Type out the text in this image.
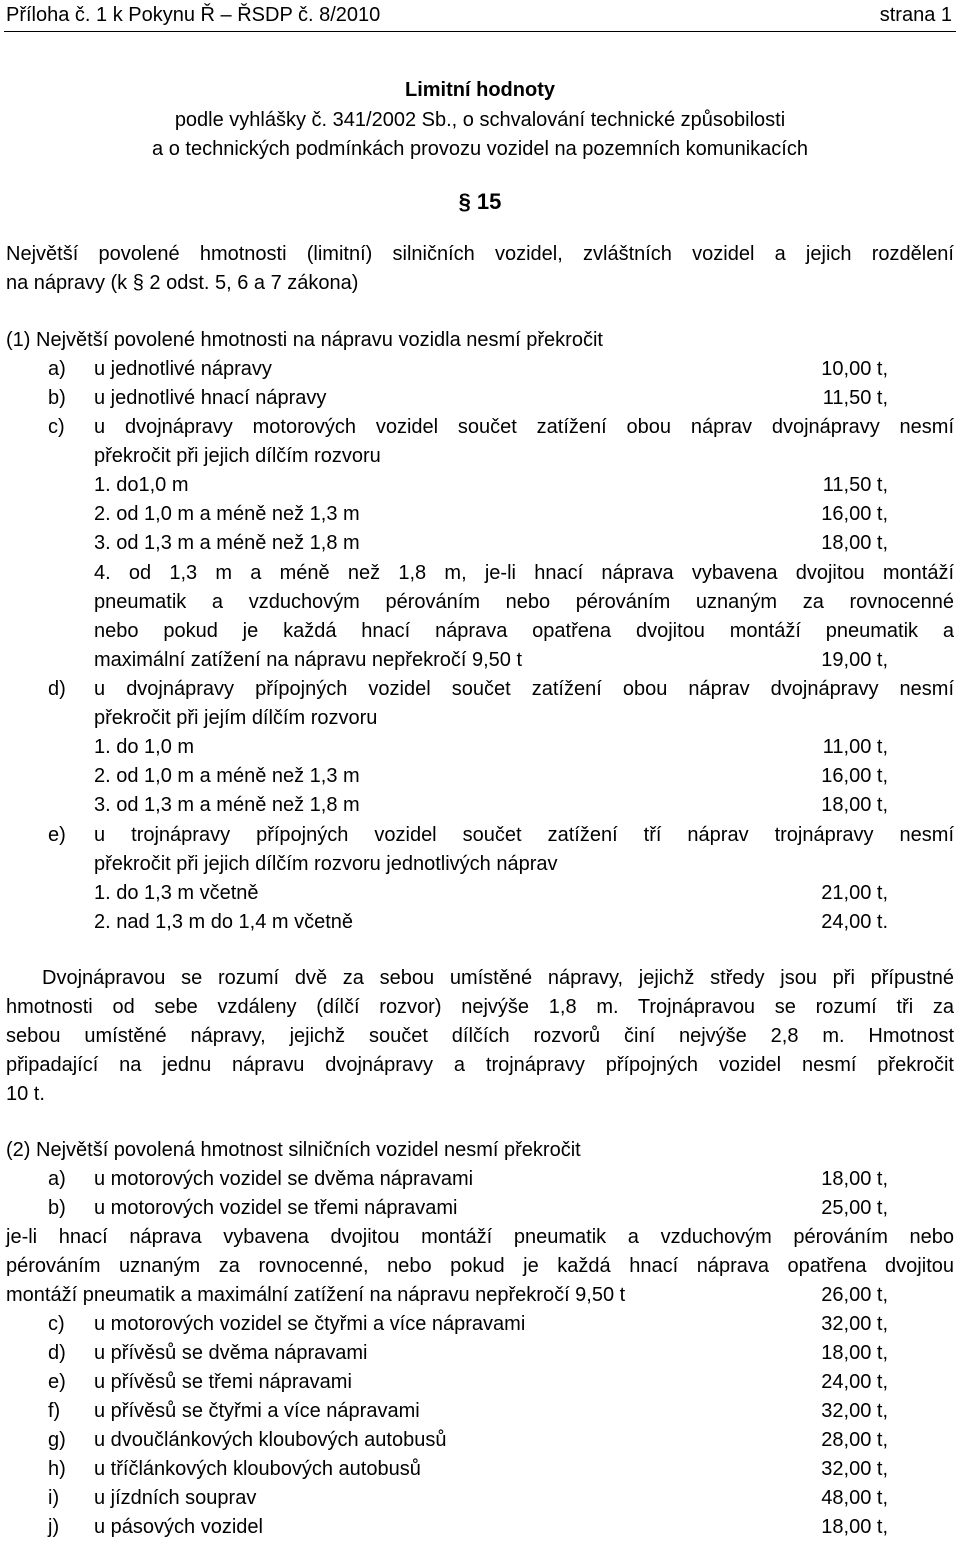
Příloha č. 1 k Pokynu Ř – ŘSDP č. 8/2010	strana 1
Limitní hodnoty
podle vyhlášky č. 341/2002 Sb., o schvalování technické způsobilosti
a o technických podmínkách provozu vozidel na pozemních komunikacích
§ 15
Největší povolené hmotnosti (limitní) silničních vozidel, zvláštních vozidel a jejich rozdělení
na nápravy (k § 2 odst. 5, 6 a 7 zákona)
(1) Největší povolené hmotnosti na nápravu vozidla nesmí překročit
a) u jednotlivé nápravy	10,00 t,
b) u jednotlivé hnací nápravy	11,50 t,
c) u dvojnápravy motorových vozidel součet zatížení obou náprav dvojnápravy nesmí
překročit při jejich dílčím rozvoru
1. do1,0 m	11,50 t,
2. od 1,0 m a méně než 1,3 m	16,00 t,
3. od 1,3 m a méně než 1,8 m	18,00 t,
4. od 1,3 m a méně než 1,8 m, je-li hnací náprava vybavena dvojitou montáží
pneumatik a vzduchovým pérováním nebo pérováním uznaným za rovnocenné
nebo pokud je každá hnací náprava opatřena dvojitou montáží pneumatik a
maximální zatížení na nápravu nepřekročí 9,50 t	19,00 t,
d) u dvojnápravy přípojných vozidel součet zatížení obou náprav dvojnápravy nesmí
překročit při jejím dílčím rozvoru
1. do 1,0 m	11,00 t,
2. od 1,0 m a méně než 1,3 m	16,00 t,
3. od 1,3 m a méně než 1,8 m	18,00 t,
e) u trojnápravy přípojných vozidel součet zatížení tří náprav trojnápravy nesmí
překročit při jejich dílčím rozvoru jednotlivých náprav
1. do 1,3 m včetně	21,00 t,
2. nad 1,3 m do 1,4 m včetně	24,00 t.
Dvojnápravou se rozumí dvě za sebou umístěné nápravy, jejichž středy jsou při přípustné
hmotnosti od sebe vzdáleny (dílčí rozvor) nejvýše 1,8 m. Trojnápravou se rozumí tři za
sebou umístěné nápravy, jejichž součet dílčích rozvorů činí nejvýše 2,8 m. Hmotnost
připadající na jednu nápravu dvojnápravy a trojnápravy přípojných vozidel nesmí překročit
10 t.
(2) Největší povolená hmotnost silničních vozidel nesmí překročit
a) u motorových vozidel se dvěma nápravami	18,00 t,
b) u motorových vozidel se třemi nápravami	25,00 t,
je-li hnací náprava vybavena dvojitou montáží pneumatik a vzduchovým pérováním nebo
pérováním uznaným za rovnocenné, nebo pokud je každá hnací náprava opatřena dvojitou
montáží pneumatik a maximální zatížení na nápravu nepřekročí 9,50 t	26,00 t,
c) u motorových vozidel se čtyřmi a více nápravami	32,00 t,
d) u přívěsů se dvěma nápravami	18,00 t,
e) u přívěsů se třemi nápravami	24,00 t,
f) u přívěsů se čtyřmi a více nápravami	32,00 t,
g) u dvoučlánkových kloubových autobusů	28,00 t,
h) u tříčlánkových kloubových autobusů	32,00 t,
i) u jízdních souprav	48,00 t,
j) u pásových vozidel	18,00 t,
